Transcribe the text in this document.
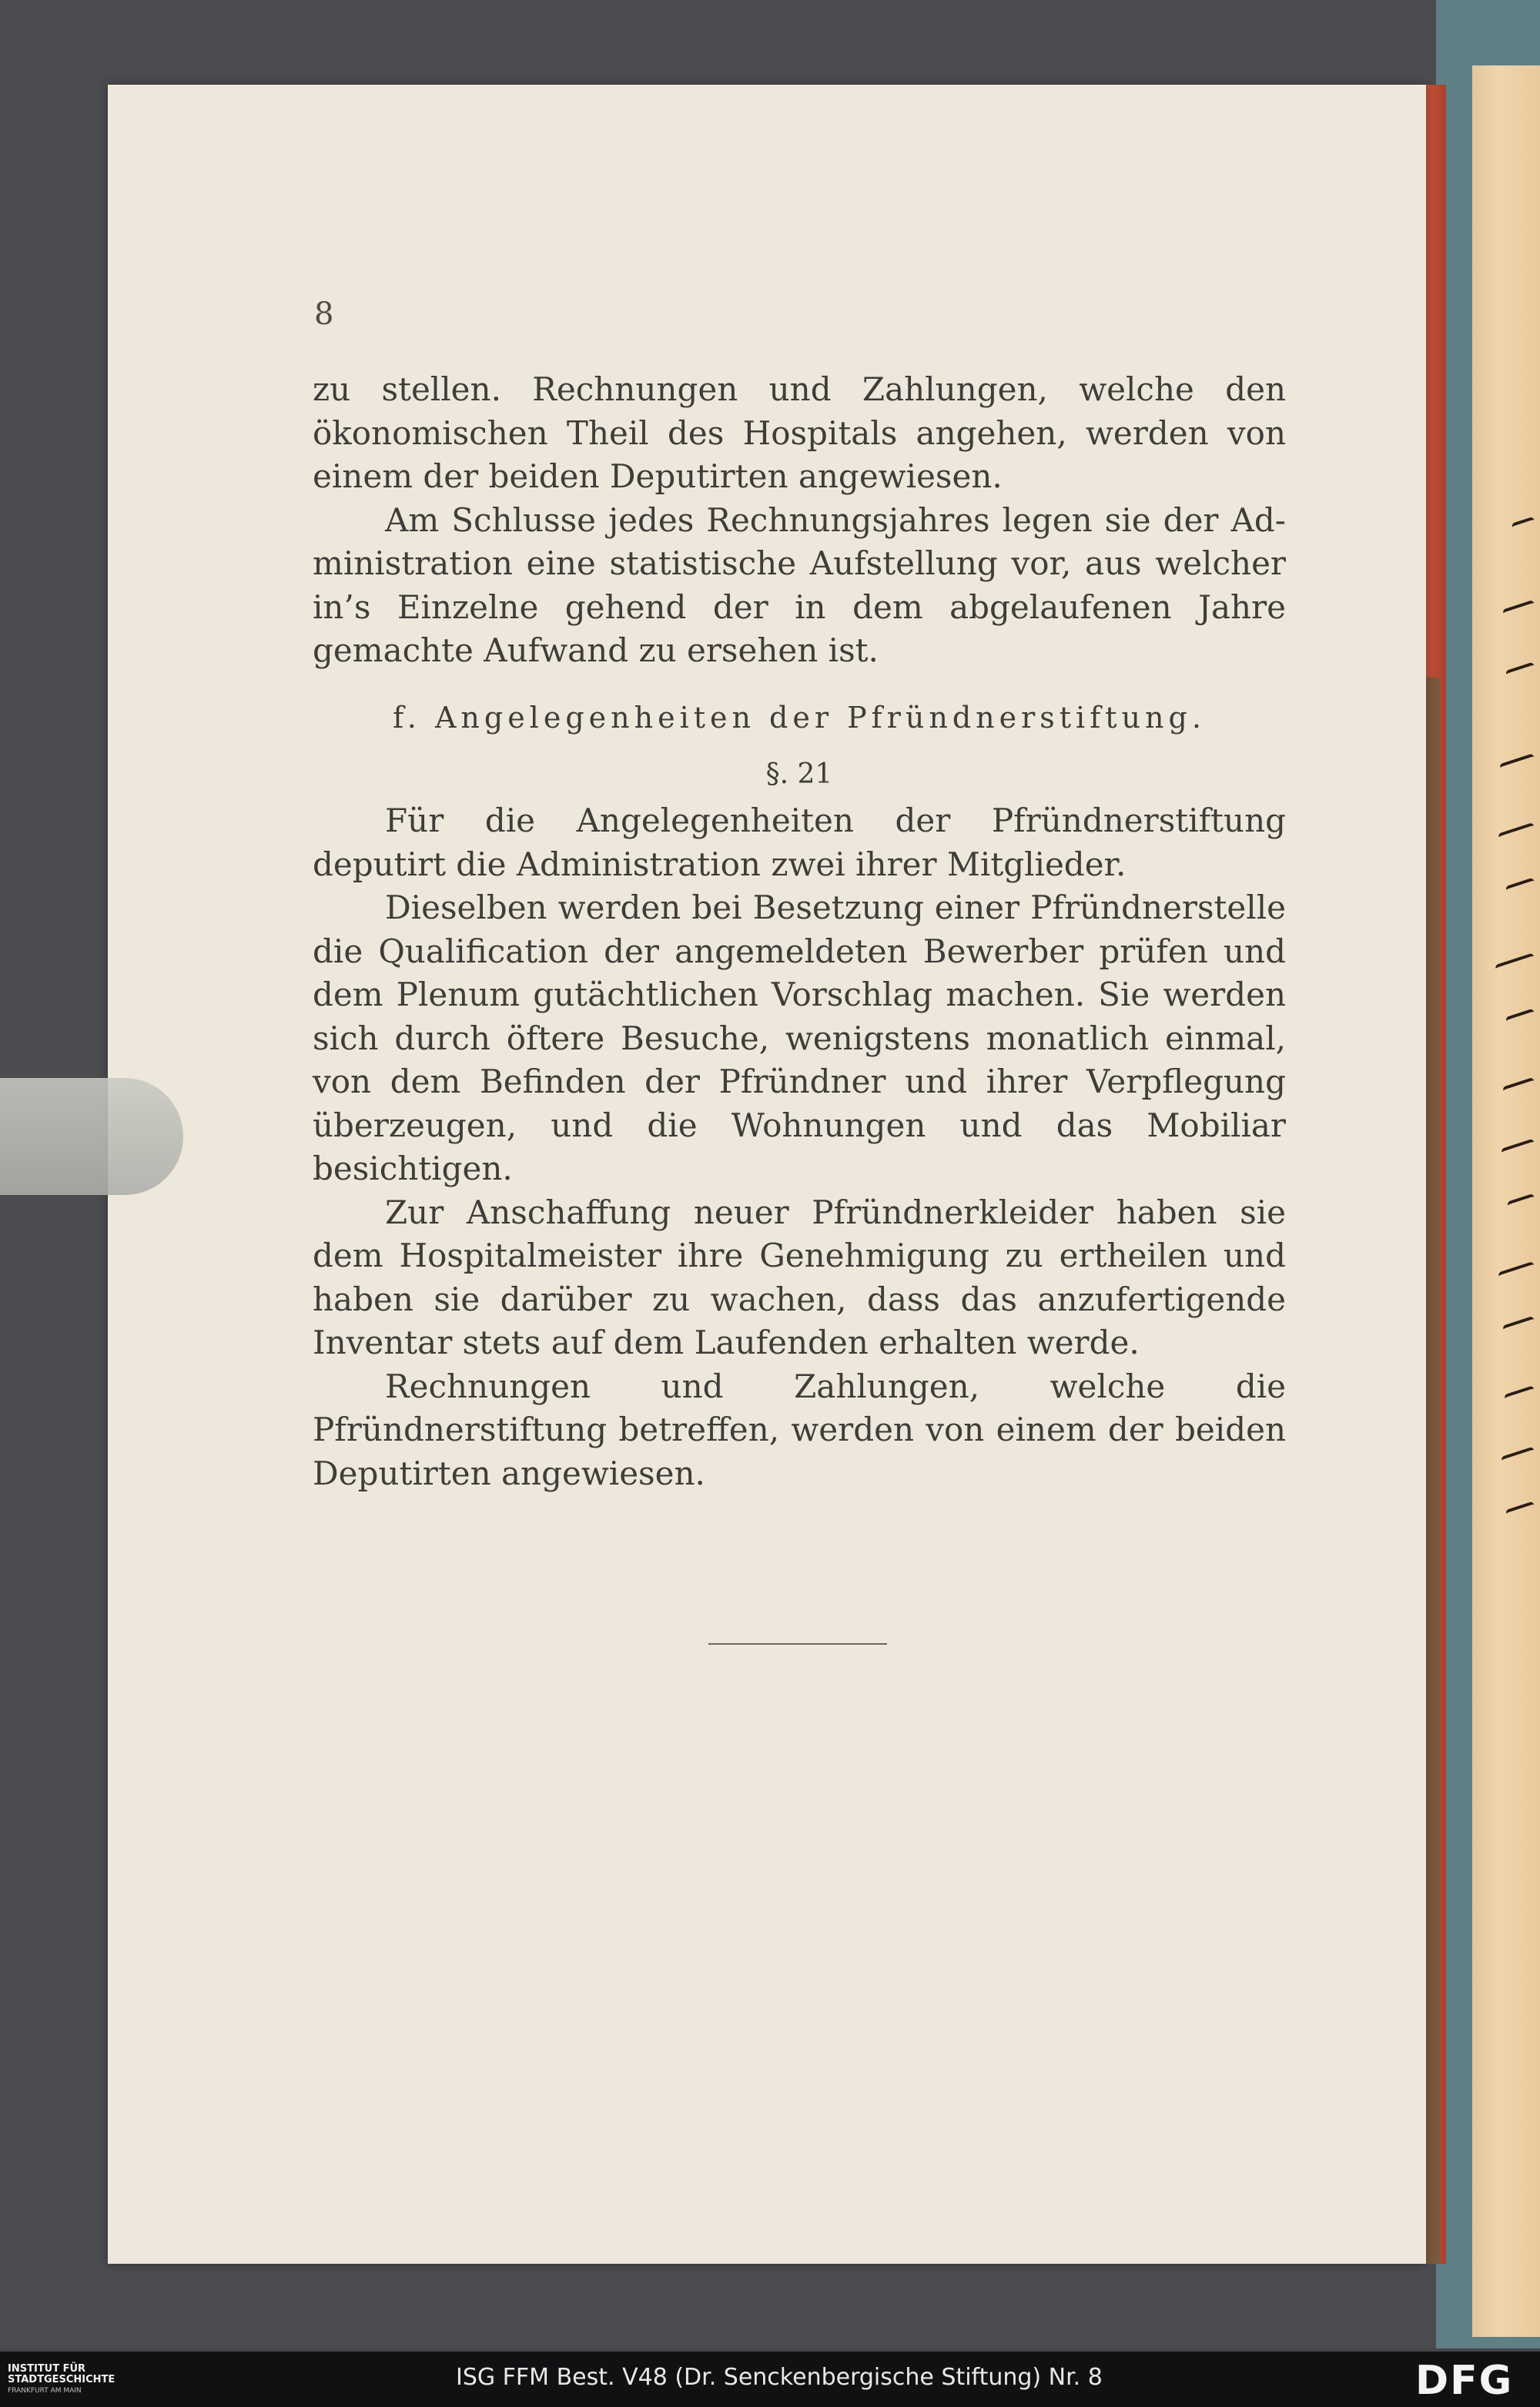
8

zu stellen. Rechnungen und Zahlungen, welche den ökonomischen Theil des Hospitals angehen, werden von einem der beiden Deputirten angewiesen.

Am Schlusse jedes Rechnungsjahres legen sie der Administration eine statistische Aufstellung vor, aus welcher in’s Einzelne gehend der in dem abgelaufenen Jahre gemachte Aufwand zu ersehen ist.

f. Angelegenheiten der Pfründnerstiftung.

§. 21

Für die Angelegenheiten der Pfründnerstiftung deputirt die Administration zwei ihrer Mitglieder.

Dieselben werden bei Besetzung einer Pfründnerstelle die Qualification der angemeldeten Bewerber prüfen und dem Plenum gutächtlichen Vorschlag machen. Sie werden sich durch öftere Besuche, wenigstens monatlich einmal, von dem Befinden der Pfründner und ihrer Verpflegung überzeugen, und die Wohnungen und das Mobiliar besichtigen.

Zur Anschaffung neuer Pfründnerkleider haben sie dem Hospitalmeister ihre Genehmigung zu ertheilen und haben sie darüber zu wachen, dass das anzufertigende Inventar stets auf dem Laufenden erhalten werde.

Rechnungen und Zahlungen, welche die Pfründnerstiftung betreffen, werden von einem der beiden Deputirten angewiesen.

INSTITUT FÜR
STADTGESCHICHTE
FRANKFURT AM MAIN	ISG FFM Best. V48 (Dr. Senckenbergische Stiftung) Nr. 8	DFG
